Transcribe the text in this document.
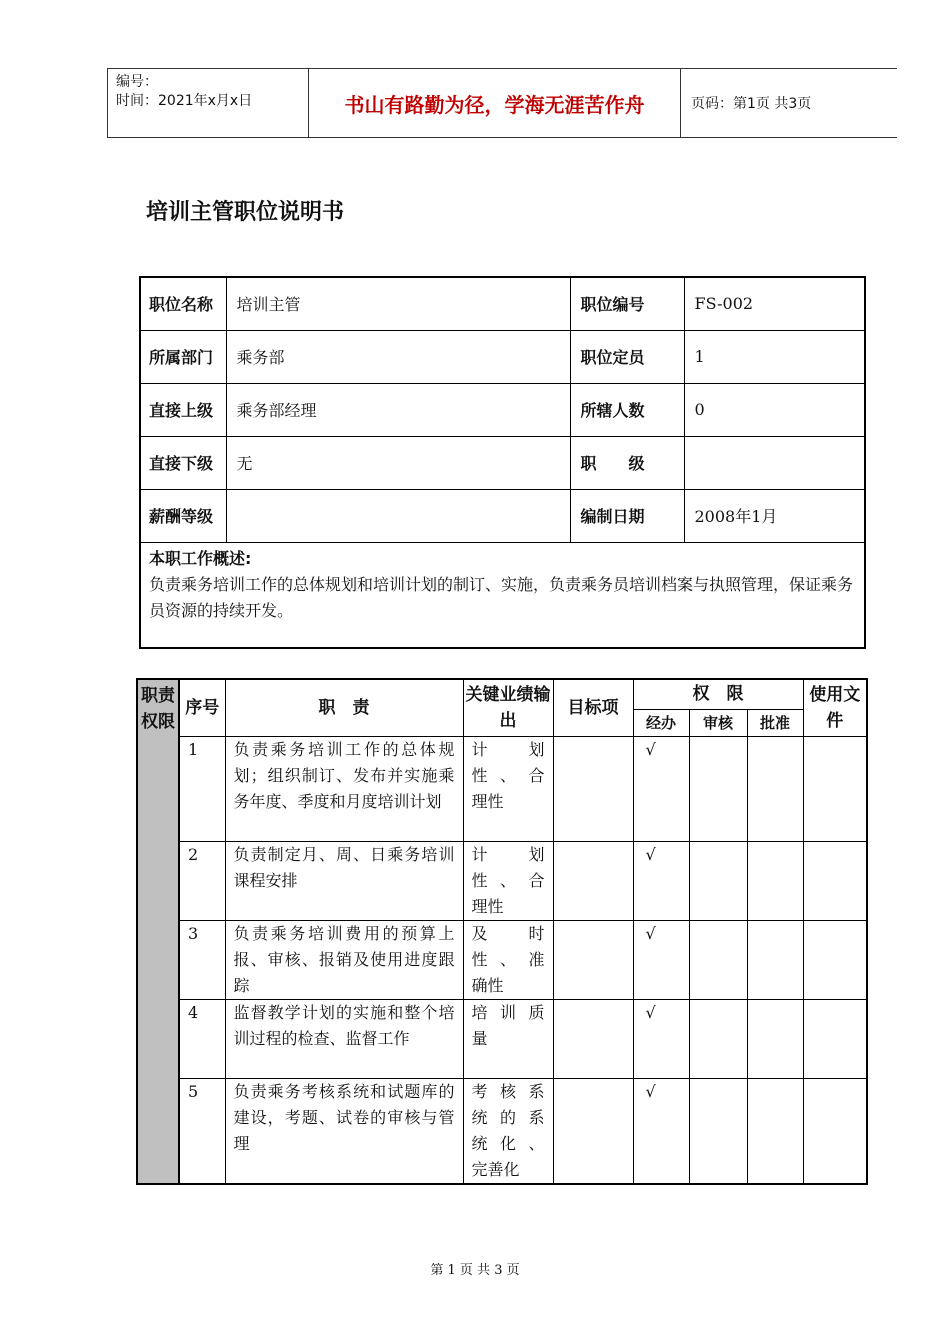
编号：
时间：2021年x月x日	书山有路勤为径，学海无涯苦作舟	页码：第1页 共3页
培训主管职位说明书
职位名称	培训主管	职位编号	FS-002
所属部门	乘务部	职位定员	1
直接上级	乘务部经理	所辖人数	0
直接下级	无	职　　级	
薪酬等级		编制日期	2008年1月

本职工作概述:
负责乘务培训工作的总体规划和培训计划的制订、实施，负责乘务员培训档案与执照管理，保证乘务员资源的持续开发。			
职责权限	序号	职　责	关键业绩输出	目标项	权　限			使用文件
					经办	审核	批准	
	1	负责乘务培训工作的总体规划；组织制订、发布并实施乘务年度、季度和月度培训计划	计　划
性、合
理性		√			
	2	负责制定月、周、日乘务培训课程安排	计　划
性、合
理性		√			
	3	负责乘务培训费用的预算上报、审核、报销及使用进度跟踪	及　时
性、准
确性		√			
	4	监督教学计划的实施和整个培训过程的检查、监督工作	培训质
量		√			
	5	负责乘务考核系统和试题库的建设，考题、试卷的审核与管理	考核系
统的系
统化、
完善化		√			
第 1 页 共 3 页
